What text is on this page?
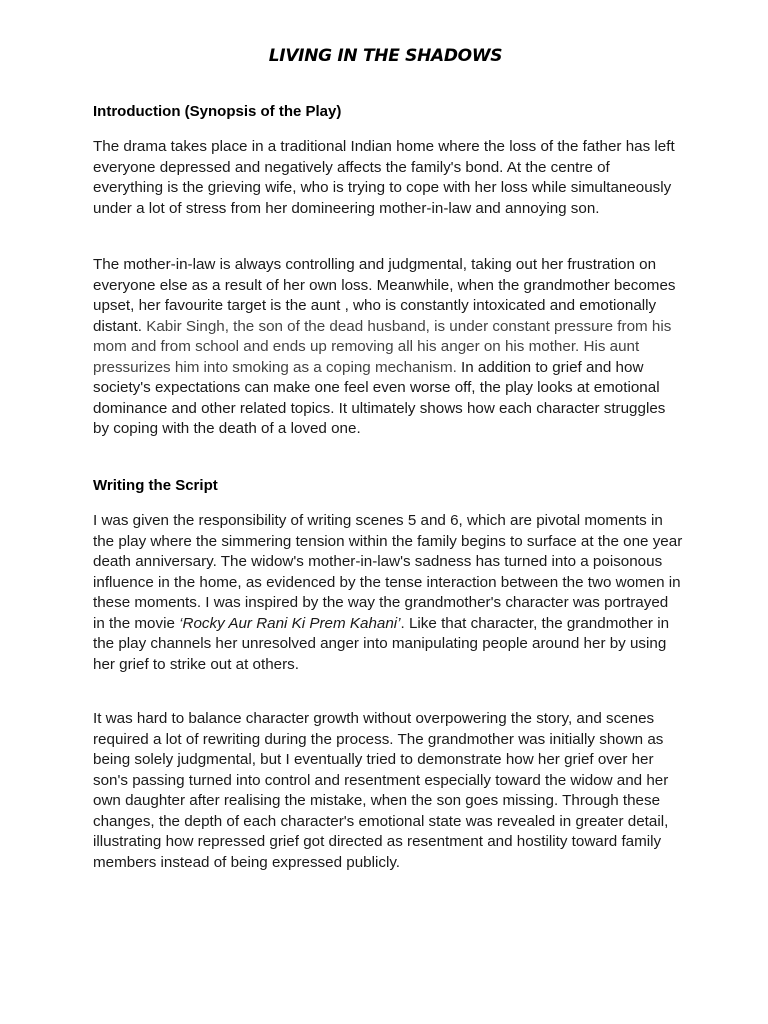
LIVING IN THE SHADOWS
Introduction (Synopsis of the Play)

The drama takes place in a traditional Indian home where the loss of the father has left everyone depressed and negatively affects the family's bond. At the centre of everything is the grieving wife, who is trying to cope with her loss while simultaneously under a lot of stress from her domineering mother-in-law and annoying son.

The mother-in-law is always controlling and judgmental, taking out her frustration on everyone else as a result of her own loss. Meanwhile, when the grandmother becomes upset, her favourite target is the aunt , who is constantly intoxicated and emotionally distant. Kabir Singh, the son of the dead husband, is under constant pressure from his mom and from school and ends up removing all his anger on his mother. His aunt pressurizes him into smoking as a coping mechanism. In addition to grief and how society's expectations can make one feel even worse off, the play looks at emotional dominance and other related topics. It ultimately shows how each character struggles by coping with the death of a loved one.

Writing the Script

I was given the responsibility of writing scenes 5 and 6, which are pivotal moments in the play where the simmering tension within the family begins to surface at the one year death anniversary. The widow's mother-in-law's sadness has turned into a poisonous influence in the home, as evidenced by the tense interaction between the two women in these moments. I was inspired by the way the grandmother's character was portrayed in the movie ‘Rocky Aur Rani Ki Prem Kahani’. Like that character, the grandmother in the play channels her unresolved anger into manipulating people around her by using her grief to strike out at others.

It was hard to balance character growth without overpowering the story, and scenes required a lot of rewriting during the process. The grandmother was initially shown as being solely judgmental, but I eventually tried to demonstrate how her grief over her son's passing turned into control and resentment especially toward the widow and her own daughter after realising the mistake, when the son goes missing. Through these changes, the depth of each character's emotional state was revealed in greater detail, illustrating how repressed grief got directed as resentment and hostility toward family members instead of being expressed publicly.
